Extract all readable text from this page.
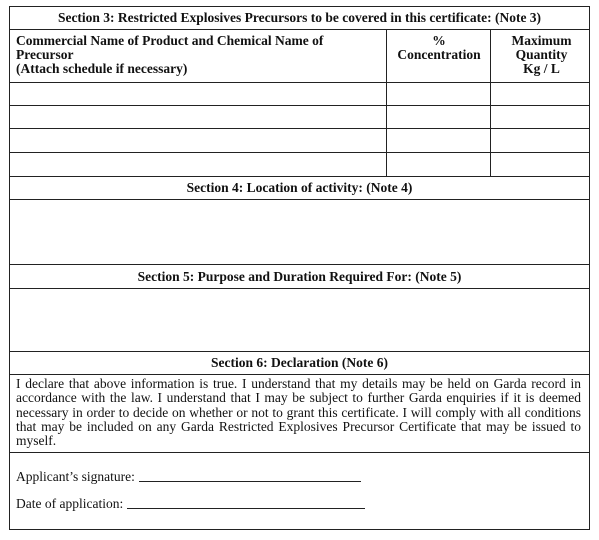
Section 3: Restricted Explosives Precursors to be covered in this certificate: (Note 3)
Commercial Name of Product and Chemical Name of
Precursor
(Attach schedule if necessary)
%
Concentration
Maximum
Quantity
Kg / L
Section 4: Location of activity: (Note 4)
Section 5: Purpose and Duration Required For: (Note 5)
Section 6: Declaration (Note 6)
I declare that above information is true. I understand that my details may be held on Garda record in accordance with the law. I understand that I may be subject to further Garda enquiries if it is deemed necessary in order to decide on whether or not to grant this certificate. I will comply with all conditions that may be included on any Garda Restricted Explosives Precursor Certificate that may be issued to myself.
Applicant’s signature:
Date of application:
